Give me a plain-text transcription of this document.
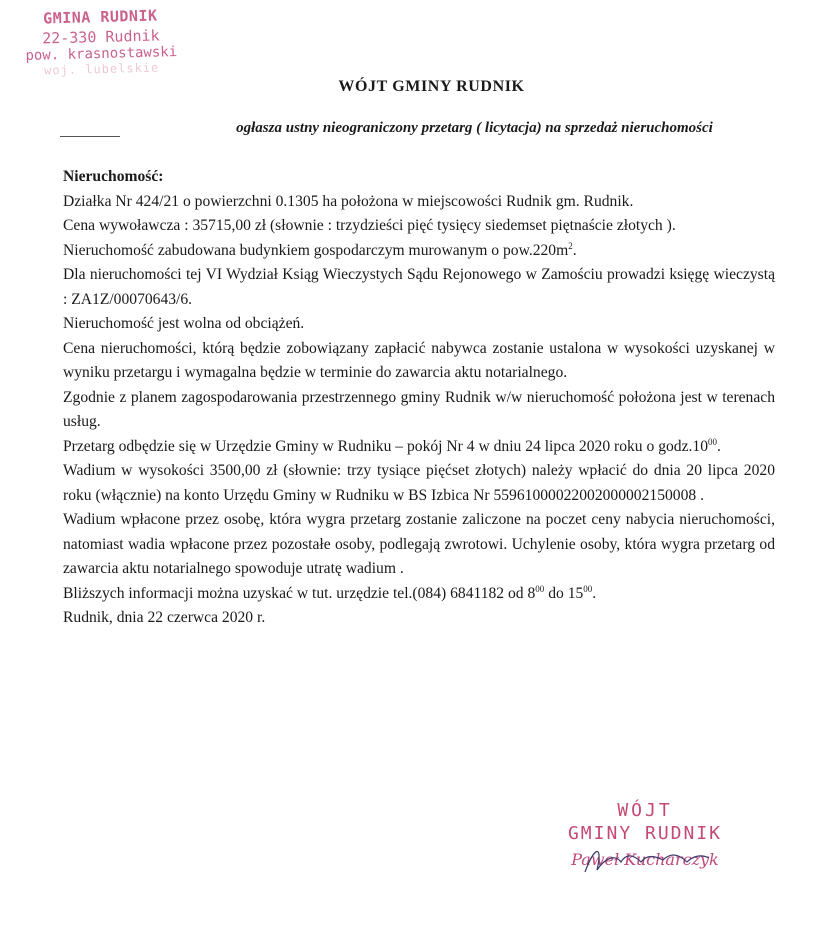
GMINA RUDNIK
22-330 Rudnik
pow. krasnostawski
woj. lubelskie
WÓJT GMINY RUDNIK
ogłasza ustny nieograniczony przetarg ( licytacja) na sprzedaż nieruchomości

Nieruchomość:

Działka Nr 424/21 o powierzchni 0.1305 ha położona w miejscowości Rudnik gm. Rudnik.

Cena wywoławcza : 35715,00 zł (słownie : trzydzieści pięć tysięcy siedemset piętnaście złotych ).

Nieruchomość zabudowana budynkiem gospodarczym murowanym o $pow.220m^2$.

Dla nieruchomości tej VI Wydział Ksiąg Wieczystych Sądu Rejonowego w Zamościu prowadzi księgę wieczystą : ZA1Z/00070643/6.

Nieruchomość jest wolna od obciążeń.

Cena nieruchomości, którą będzie zobowiązany zapłacić nabywca zostanie ustalona w wysokości uzyskanej w wyniku przetargu i wymagalna będzie w terminie do zawarcia aktu notarialnego.

Zgodnie z planem zagospodarowania przestrzennego gminy Rudnik w/w nieruchomość położona jest w terenach usług.

Przetarg odbędzie się w Urzędzie Gminy w Rudniku – pokój Nr 4 w dniu 24 lipca 2020 roku o $godz.10^{00}$.

Wadium w wysokości 3500,00 zł (słownie: trzy tysiące pięćset złotych) należy wpłacić do dnia 20 lipca 2020 roku (włącznie) na konto Urzędu Gminy w Rudniku w BS Izbica Nr 55961000022002000002150008 .

Wadium wpłacone przez osobę, która wygra przetarg zostanie zaliczone na poczet ceny nabycia nieruchomości, natomiast wadia wpłacone przez pozostałe osoby, podlegają zwrotowi. Uchylenie osoby, która wygra przetarg od zawarcia aktu notarialnego spowoduje utratę wadium .

Bliższych informacji można uzyskać w tut. urzędzie tel.(084) 6841182 od $8^{00}$ do $15^{00}$.

Rudnik, dnia 22 czerwca 2020 r.

WÓJT
GMINY RUDNIK
Paweł Kucharczyk
